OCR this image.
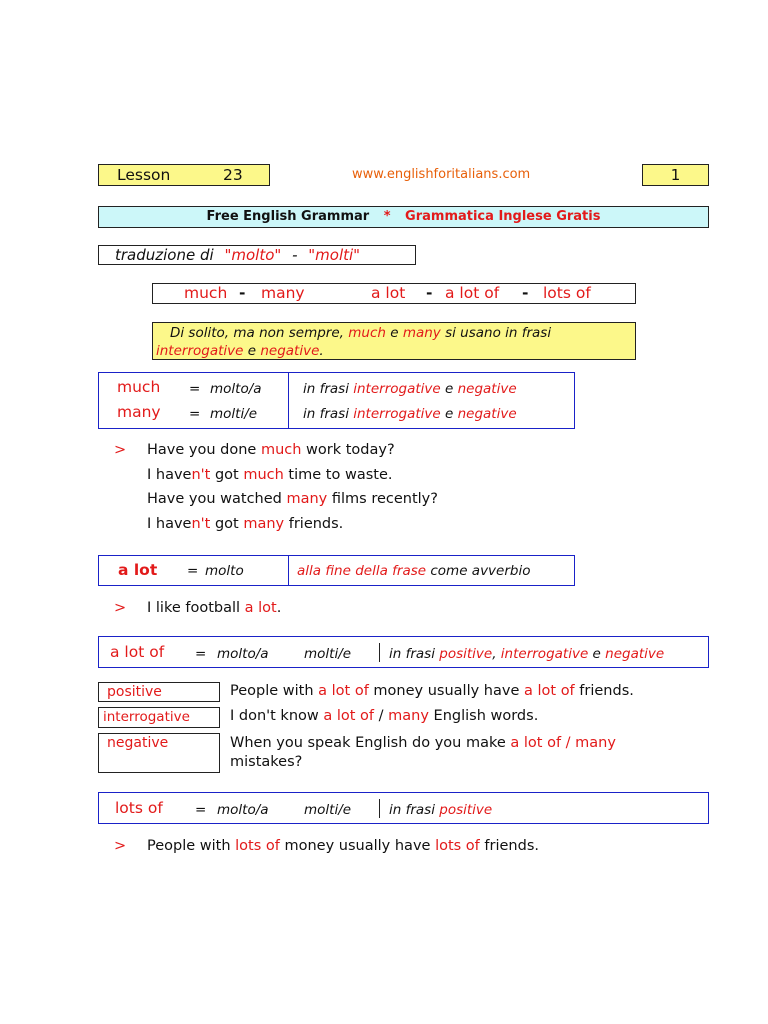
Lesson	23	www.englishforitalians.com	1
Free English Grammar * Grammatica Inglese Gratis
traduzione di "molto" - "molti"
much - many	a lot - a lot of - lots of
Di solito, ma non sempre, much e many si usano in frasi
interrogative e negative.
much = molto/a	in frasi interrogative e negative
many = molti/e	in frasi interrogative e negative
> Have you done much work today?
I haven't got much time to waste.
Have you watched many films recently?
I haven't got many friends.
a lot = molto	alla fine della frase come avverbio
> I like football a lot.
a lot of = molto/a	molti/e	in frasi positive, interrogative e negative
positive	People with a lot of money usually have a lot of friends.
interrogative	I don't know a lot of / many English words.
negative	When you speak English do you make a lot of / many
mistakes?
lots of = molto/a	molti/e	in frasi positive
> People with lots of money usually have lots of friends.
